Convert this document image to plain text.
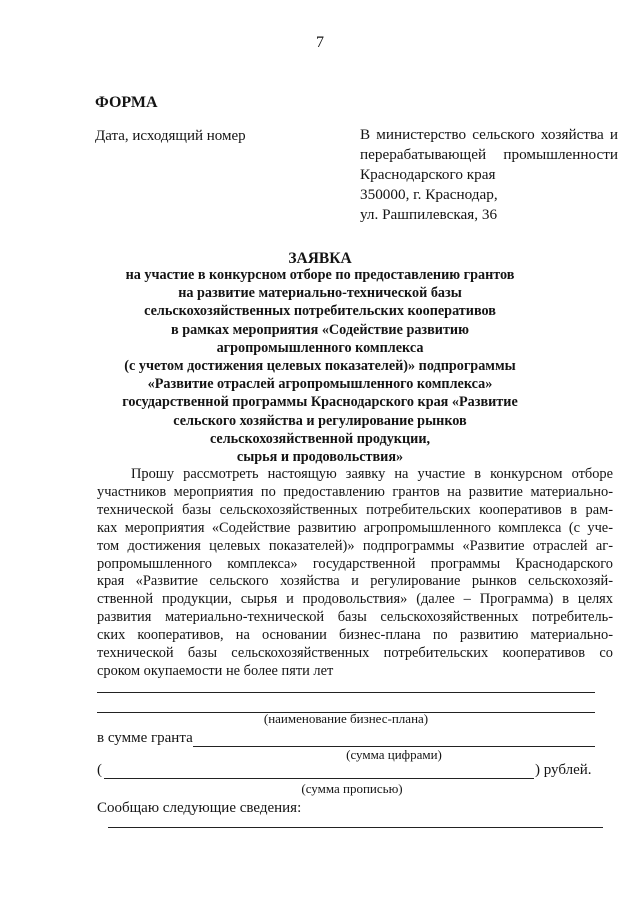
7
ФОРМА
Дата, исходящий номер	В министерство сельского хозяйства и
перерабатывающей промышленности
Краснодарского края
350000, г. Краснодар,
ул. Рашпилевская, 36
ЗАЯВКА
на участие в конкурсном отборе по предоставлению грантов
на развитие материально-технической базы
сельскохозяйственных потребительских кооперативов
в рамках мероприятия «Содействие развитию
агропромышленного комплекса
(с учетом достижения целевых показателей)» подпрограммы
«Развитие отраслей агропромышленного комплекса»
государственной программы Краснодарского края «Развитие
сельского хозяйства и регулирование рынков
сельскохозяйственной продукции,
сырья и продовольствия»
Прошу рассмотреть настоящую заявку на участие в конкурсном отборе
участников мероприятия по предоставлению грантов на развитие материально-
технической базы сельскохозяйственных потребительских кооперативов в рам-
ках мероприятия «Содействие развитию агропромышленного комплекса (с уче-
том достижения целевых показателей)» подпрограммы «Развитие отраслей аг-
ропромышленного комплекса» государственной программы Краснодарского
края «Развитие сельского хозяйства и регулирование рынков сельскохозяй-
ственной продукции, сырья и продовольствия» (далее – Программа) в целях
развития материально-технической базы сельскохозяйственных потребитель-
ских кооперативов, на основании бизнес-плана по развитию материально-
технической базы сельскохозяйственных потребительских кооперативов со
сроком окупаемости не более пяти лет
(наименование бизнес-плана)
в сумме гранта
(сумма цифрами)
(	) рублей.
(сумма прописью)
Сообщаю следующие сведения:
